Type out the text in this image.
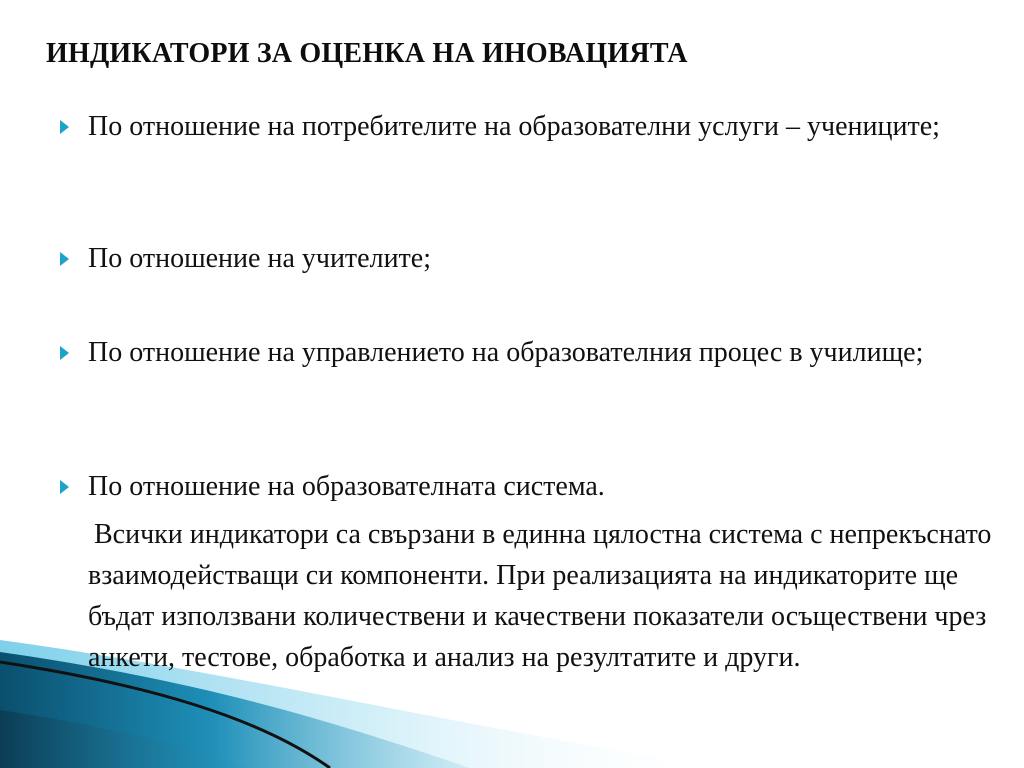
ИНДИКАТОРИ ЗА ОЦЕНКА НА ИНОВАЦИЯТА
По отношение на потребителите на образователни услуги – учениците;
По отношение на учителите;
По отношение на управлението на образователния процес в училище;
По отношение на образователната система.
Всички индикатори са свързани в единна цялостна система с непрекъснато взаимодействащи си компоненти. При реализацията на индикаторите ще бъдат използвани количествени и качествени показатели осъществени чрез анкети, тестове, обработка и анализ на резултатите и други.
